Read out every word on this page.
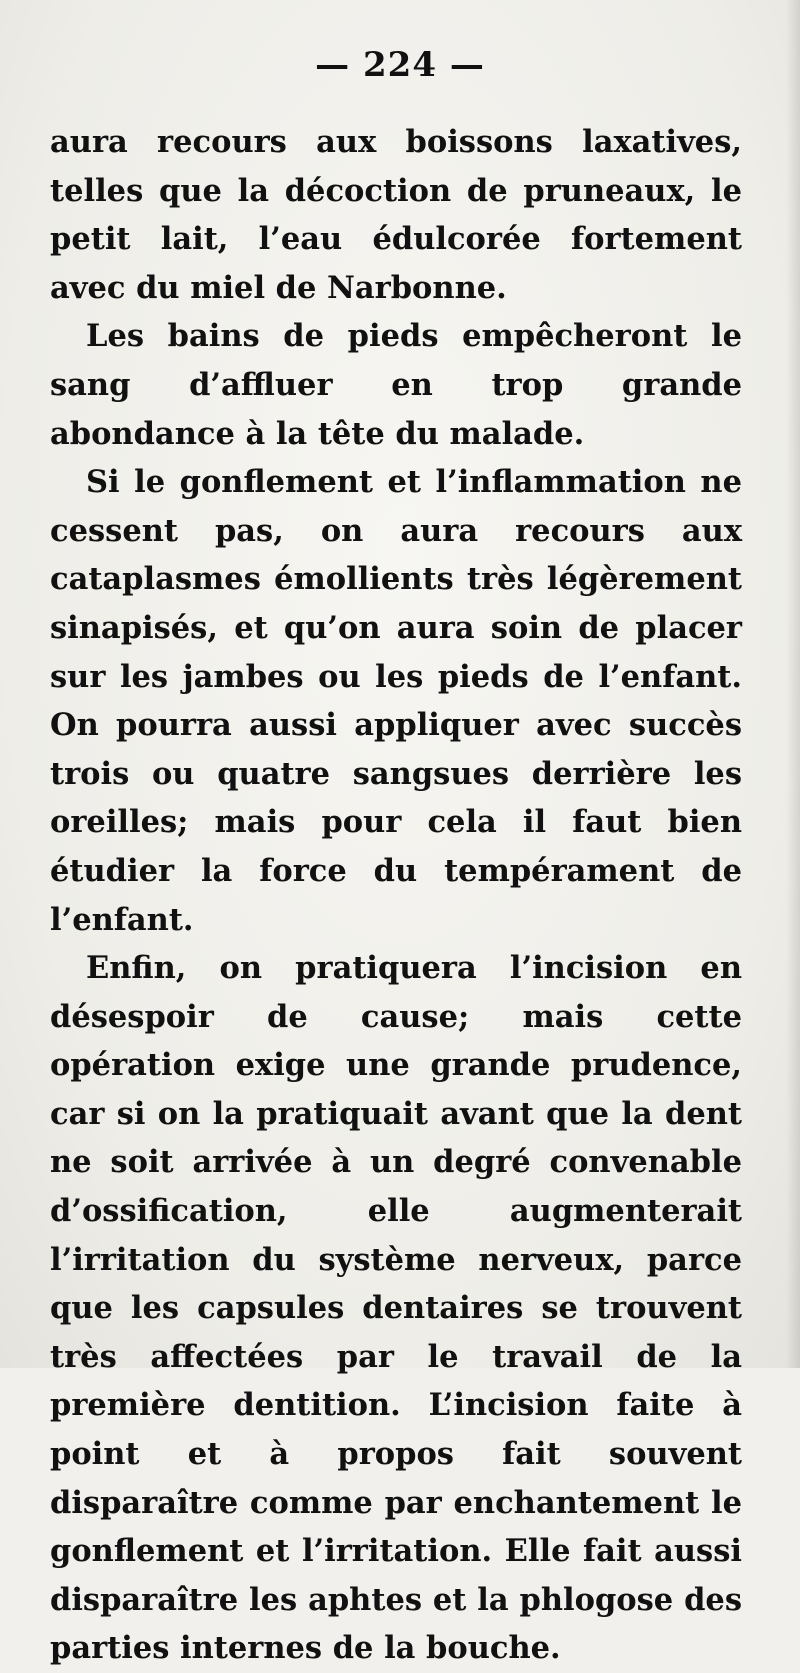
— 224 —

aura recours aux boissons laxatives, telles que la décoction de pruneaux, le petit lait, l’eau édulcorée fortement avec du miel de Narbonne.

Les bains de pieds empêcheront le sang d’affluer en trop grande abondance à la tête du malade.

Si le gonflement et l’inflammation ne cessent pas, on aura recours aux cataplasmes émollients très légèrement sinapisés, et qu’on aura soin de placer sur les jambes ou les pieds de l’enfant. On pourra aussi appliquer avec succès trois ou quatre sangsues derrière les oreilles; mais pour cela il faut bien étudier la force du tempérament de l’enfant.

Enfin, on pratiquera l’incision en désespoir de cause; mais cette opération exige une grande prudence, car si on la pratiquait avant que la dent ne soit arrivée à un degré convenable d’ossification, elle augmenterait l’irritation du système nerveux, parce que les capsules dentaires se trouvent très affectées par le travail de la première dentition. L’incision faite à point et à propos fait souvent disparaître comme par enchantement le gonflement et l’irritation. Elle fait aussi disparaître les aphtes et la phlogose des parties internes de la bouche.
